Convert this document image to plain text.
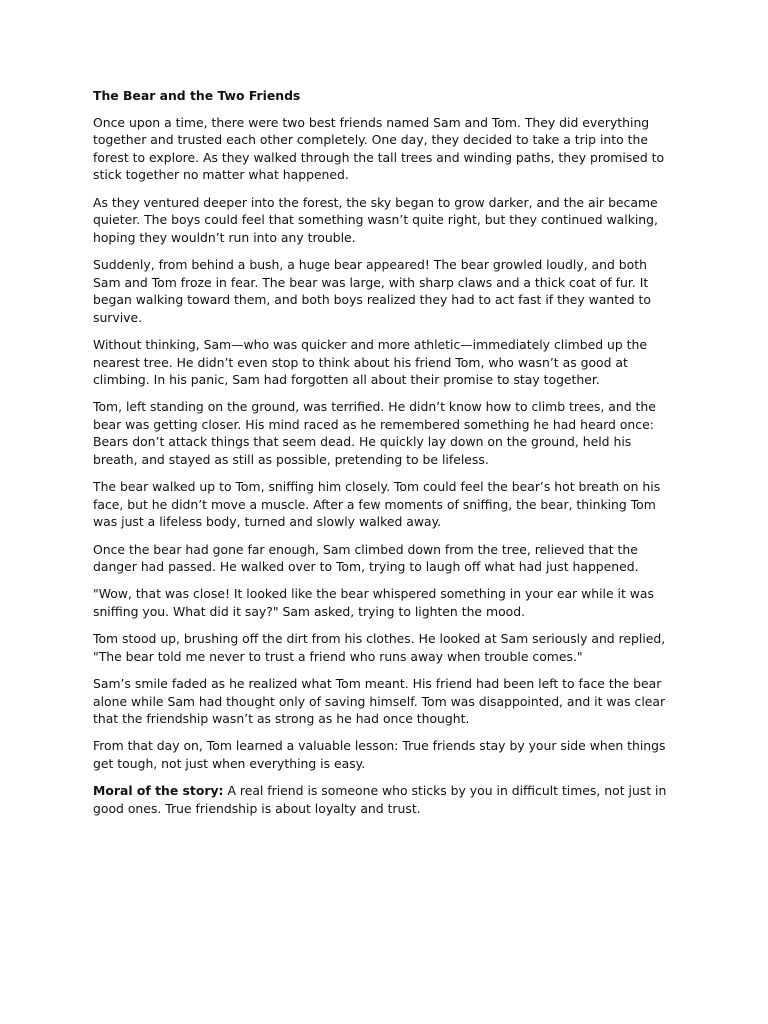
The Bear and the Two Friends

Once upon a time, there were two best friends named Sam and Tom. They did everything together and trusted each other completely. One day, they decided to take a trip into the forest to explore. As they walked through the tall trees and winding paths, they promised to stick together no matter what happened.

As they ventured deeper into the forest, the sky began to grow darker, and the air became quieter. The boys could feel that something wasn’t quite right, but they continued walking, hoping they wouldn’t run into any trouble.

Suddenly, from behind a bush, a huge bear appeared! The bear growled loudly, and both Sam and Tom froze in fear. The bear was large, with sharp claws and a thick coat of fur. It began walking toward them, and both boys realized they had to act fast if they wanted to survive.

Without thinking, Sam—who was quicker and more athletic—immediately climbed up the nearest tree. He didn’t even stop to think about his friend Tom, who wasn’t as good at climbing. In his panic, Sam had forgotten all about their promise to stay together.

Tom, left standing on the ground, was terrified. He didn’t know how to climb trees, and the bear was getting closer. His mind raced as he remembered something he had heard once: Bears don’t attack things that seem dead. He quickly lay down on the ground, held his breath, and stayed as still as possible, pretending to be lifeless.

The bear walked up to Tom, sniffing him closely. Tom could feel the bear’s hot breath on his face, but he didn’t move a muscle. After a few moments of sniffing, the bear, thinking Tom was just a lifeless body, turned and slowly walked away.

Once the bear had gone far enough, Sam climbed down from the tree, relieved that the danger had passed. He walked over to Tom, trying to laugh off what had just happened.

"Wow, that was close! It looked like the bear whispered something in your ear while it was sniffing you. What did it say?" Sam asked, trying to lighten the mood.

Tom stood up, brushing off the dirt from his clothes. He looked at Sam seriously and replied, "The bear told me never to trust a friend who runs away when trouble comes."

Sam’s smile faded as he realized what Tom meant. His friend had been left to face the bear alone while Sam had thought only of saving himself. Tom was disappointed, and it was clear that the friendship wasn’t as strong as he had once thought.

From that day on, Tom learned a valuable lesson: True friends stay by your side when things get tough, not just when everything is easy.

Moral of the story: A real friend is someone who sticks by you in difficult times, not just in good ones. True friendship is about loyalty and trust.
